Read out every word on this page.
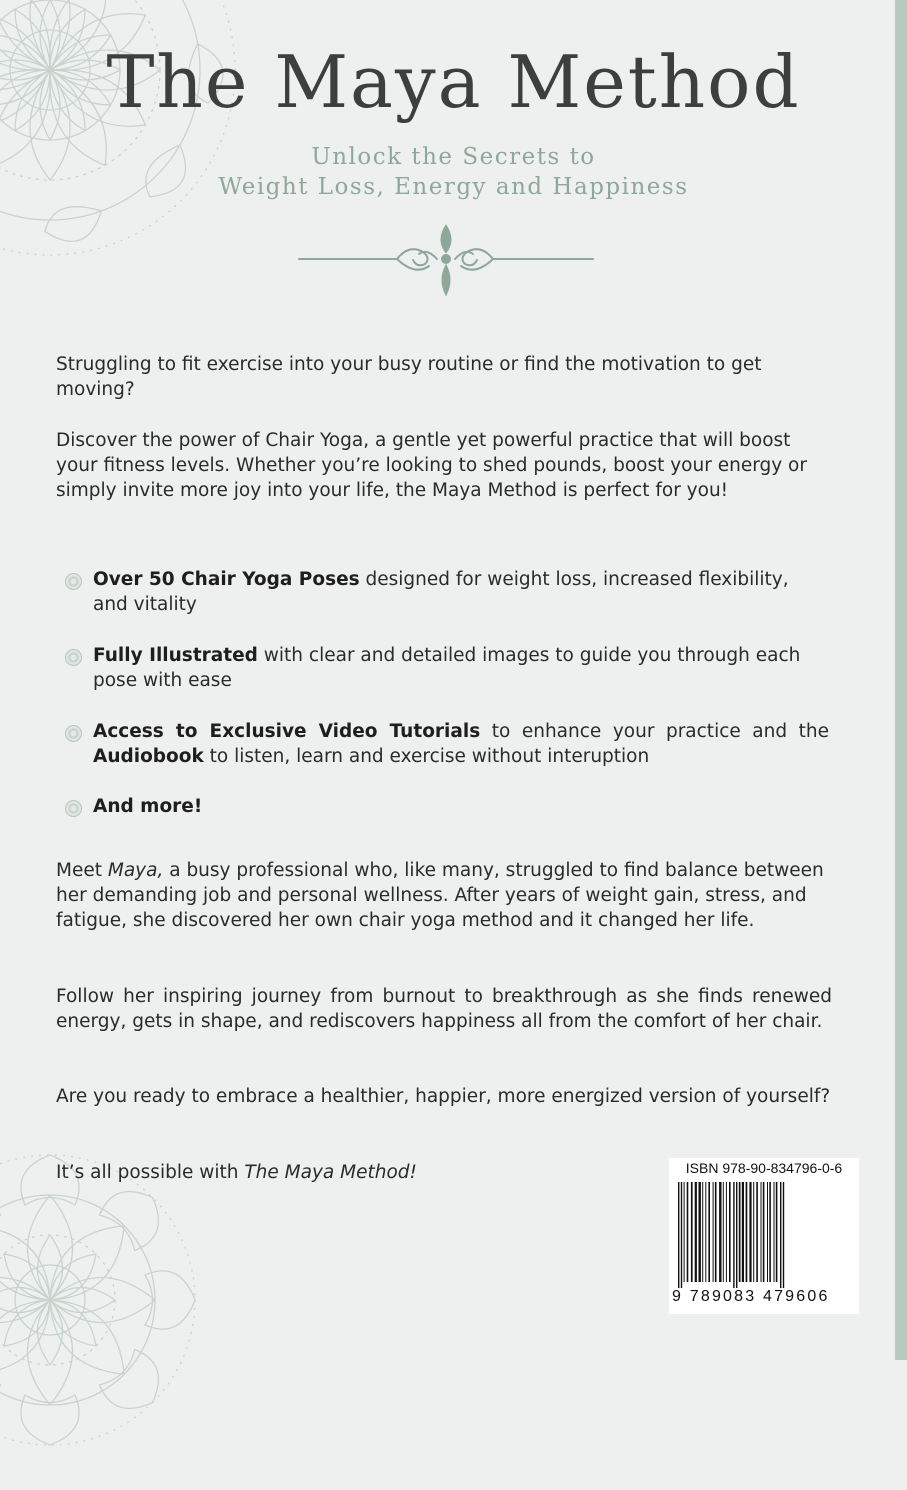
The Maya Method
Unlock the Secrets to
Weight Loss, Energy and Happiness

Struggling to fit exercise into your busy routine or find the motivation to get moving?

Discover the power of Chair Yoga, a gentle yet powerful practice that will boost your fitness levels. Whether you’re looking to shed pounds, boost your energy or simply invite more joy into your life, the Maya Method is perfect for you!

Over 50 Chair Yoga Poses designed for weight loss, increased flexibility, and vitality

Fully Illustrated with clear and detailed images to guide you through each pose with ease

Access to Exclusive Video Tutorials to enhance your practice and the Audiobook to listen, learn and exercise without interuption

And more!

Meet Maya, a busy professional who, like many, struggled to find balance between her demanding job and personal wellness. After years of weight gain, stress, and fatigue, she discovered her own chair yoga method and it changed her life.

Follow her inspiring journey from burnout to breakthrough as she finds renewed energy, gets in shape, and rediscovers happiness all from the comfort of her chair.

Are you ready to embrace a healthier, happier, more energized version of yourself?

It’s all possible with The Maya Method!	ISBN 978-90-834796-0-6
9 789083 479606
